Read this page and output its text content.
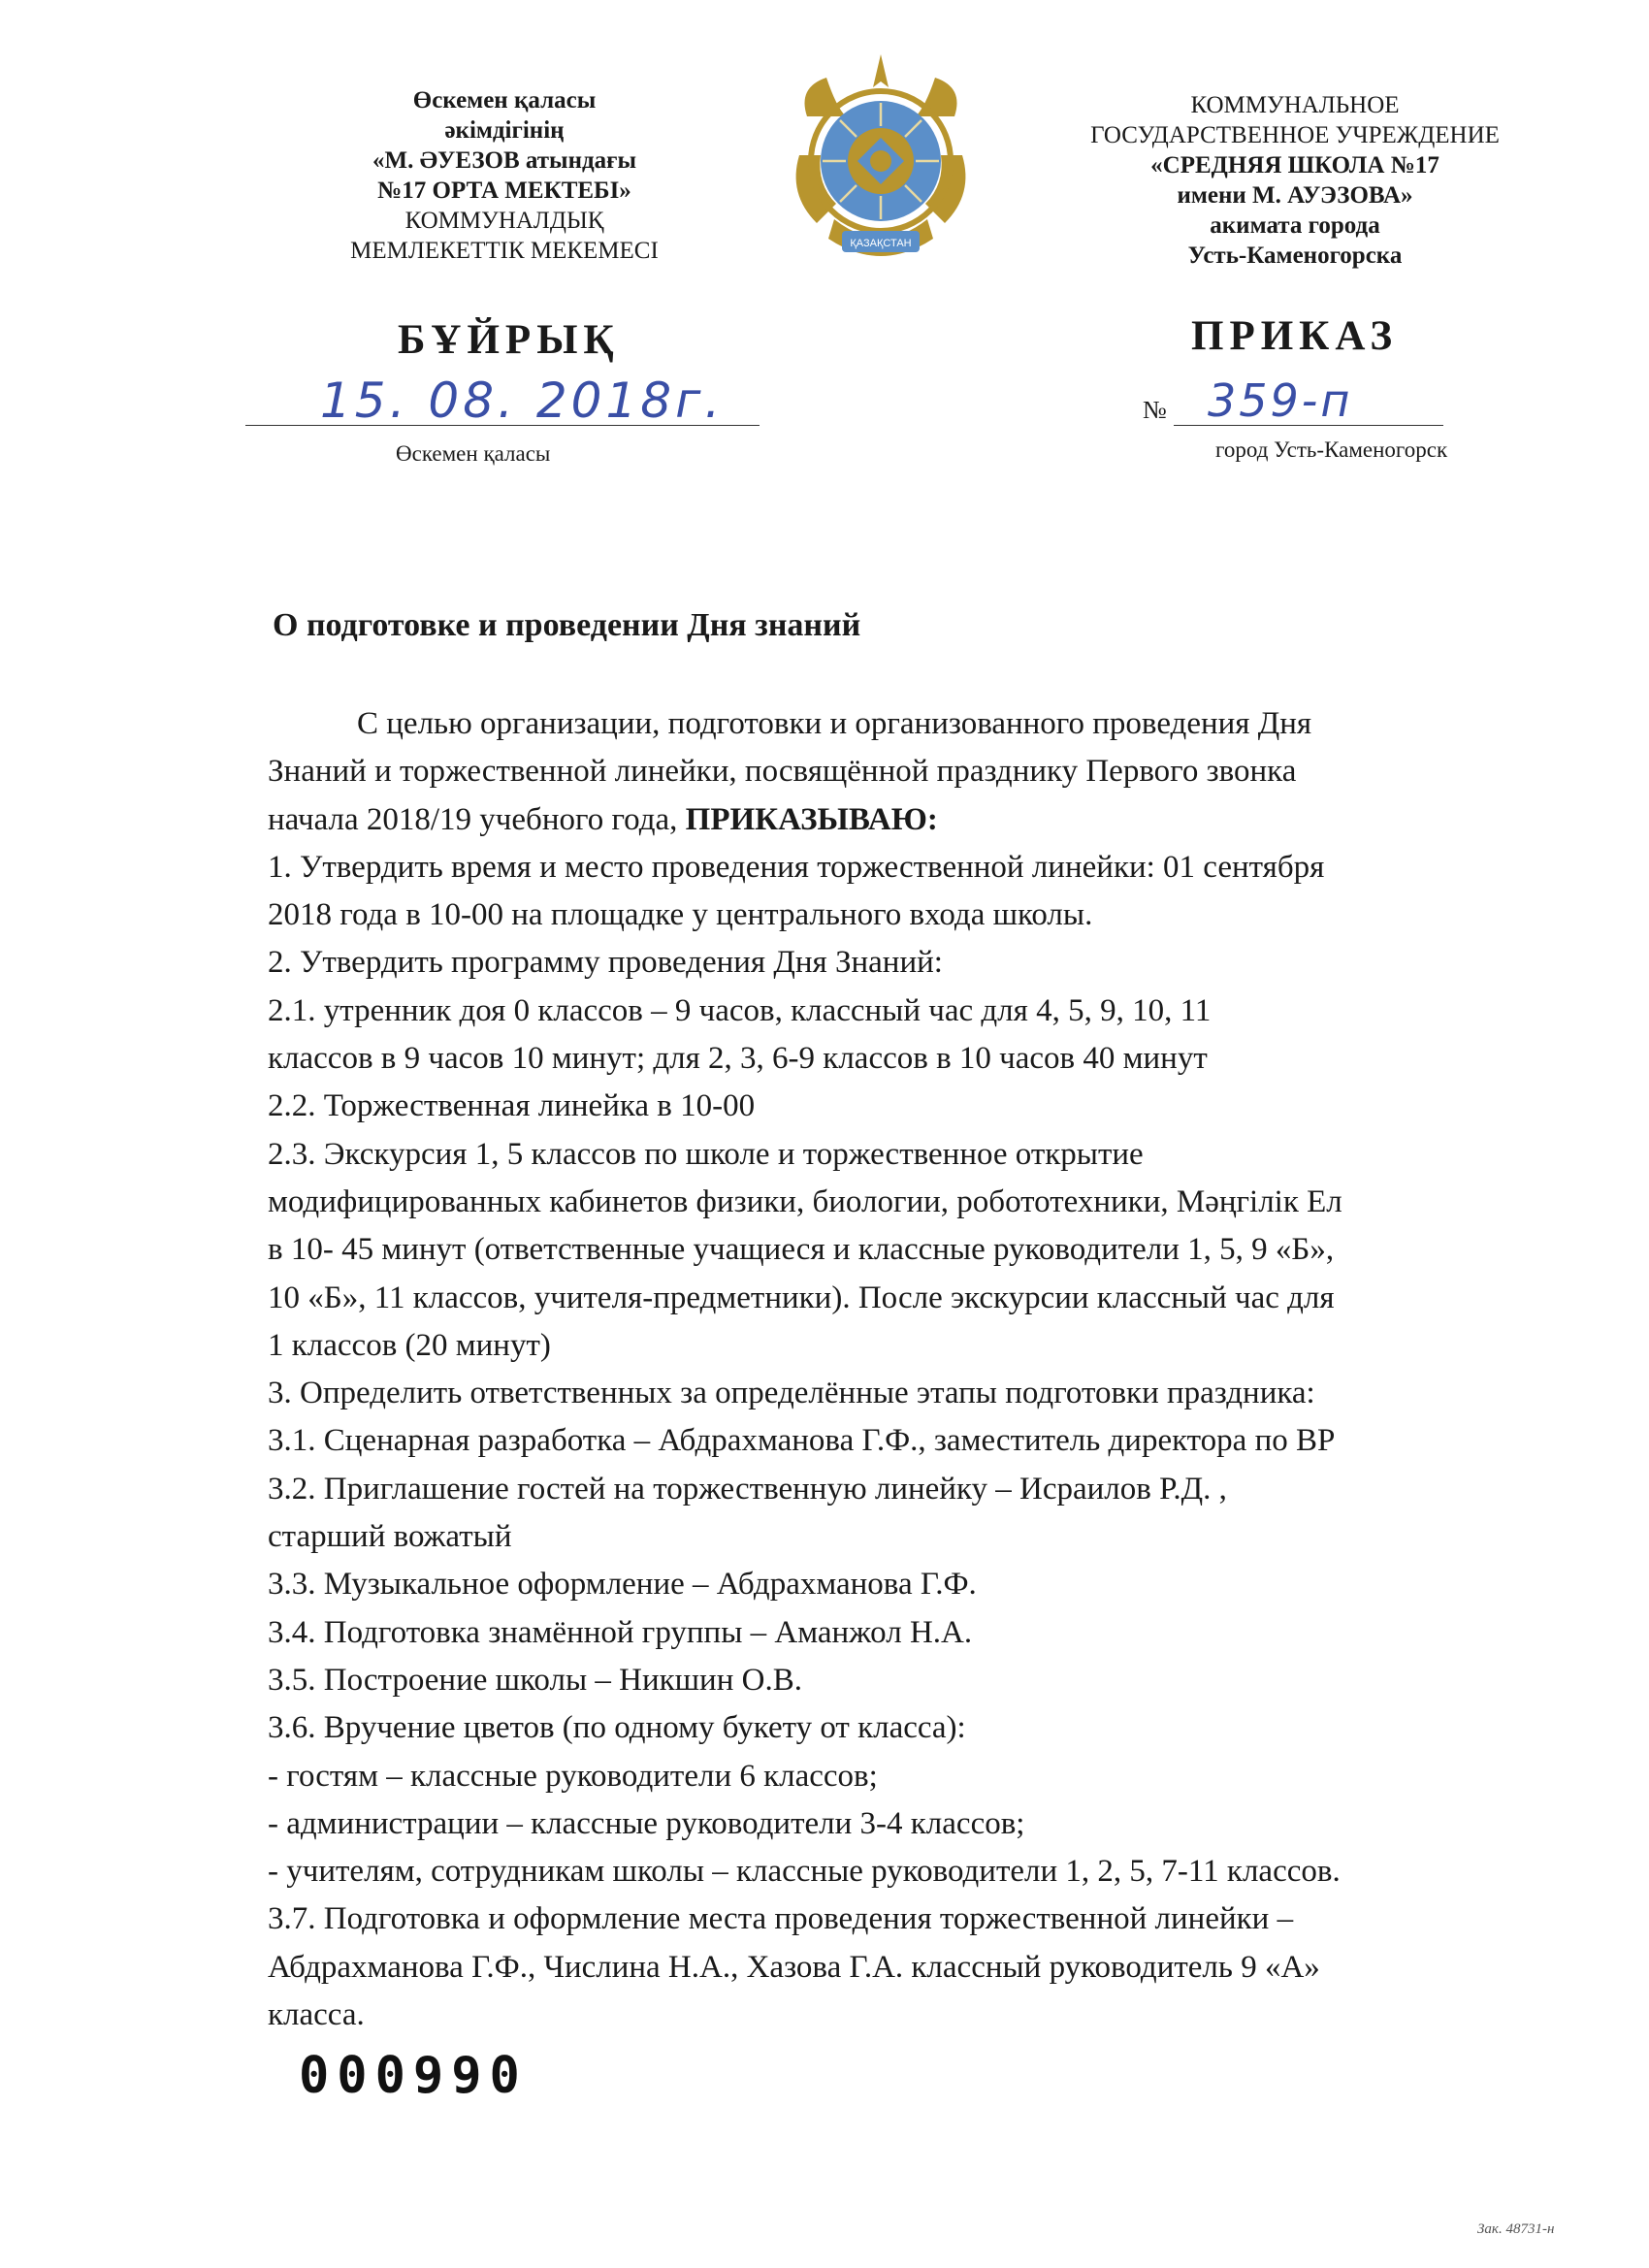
Өскемен қаласы
әкімдігінің
«М. ӘУЕЗОВ атындағы
№17 ОРТА МЕКТЕБІ»
КОММУНАЛДЫҚ
МЕМЛЕКЕТТІК МЕКЕМЕСІ	ҚАЗАҚСТАН
КОММУНАЛЬНОЕ
ГОСУДАРСТВЕННОЕ УЧРЕЖДЕНИЕ
«СРЕДНЯЯ ШКОЛА №17
имени М. АУЭЗОВА»
акимата города
Усть-Каменогорска
БҰЙРЫҚ	ПРИКАЗ
15. 08. 2018г.	№ 359-п
Өскемен қаласы	город Усть-Каменогорск
О подготовке и проведении Дня знаний
С целью организации, подготовки и организованного проведения Дня
Знаний и торжественной линейки, посвящённой празднику Первого звонка
начала 2018/19 учебного года, ПРИКАЗЫВАЮ:
1. Утвердить время и место проведения торжественной линейки: 01 сентября
2018 года в 10-00 на площадке у центрального входа школы.
2. Утвердить программу проведения Дня Знаний:
2.1. утренник доя 0 классов – 9 часов, классный час для 4, 5, 9, 10, 11
классов в 9 часов 10 минут; для 2, 3, 6-9 классов в 10 часов 40 минут
2.2. Торжественная линейка в 10-00
2.3. Экскурсия 1, 5 классов по школе и торжественное открытие
модифицированных кабинетов физики, биологии, робототехники, Мәңгілік Ел
в 10- 45 минут (ответственные учащиеся и классные руководители 1, 5, 9 «Б»,
10 «Б», 11 классов, учителя-предметники). После экскурсии классный час для
1 классов (20 минут)
3. Определить ответственных за определённые этапы подготовки праздника:
3.1. Сценарная разработка – Абдрахманова Г.Ф., заместитель директора по ВР
3.2. Приглашение гостей на торжественную линейку – Исраилов Р.Д. ,
старший вожатый
3.3. Музыкальное оформление – Абдрахманова Г.Ф.
3.4. Подготовка знамённой группы – Аманжол Н.А.
3.5. Построение школы – Никшин О.В.
3.6. Вручение цветов (по одному букету от класса):
- гостям – классные руководители 6 классов;
- администрации – классные руководители 3-4 классов;
- учителям, сотрудникам школы – классные руководители 1, 2, 5, 7-11 классов.
3.7. Подготовка и оформление места проведения торжественной линейки –
Абдрахманова Г.Ф., Числина Н.А., Хазова Г.А. классный руководитель 9 «А»
класса.
000990
Зак. 48731-н
